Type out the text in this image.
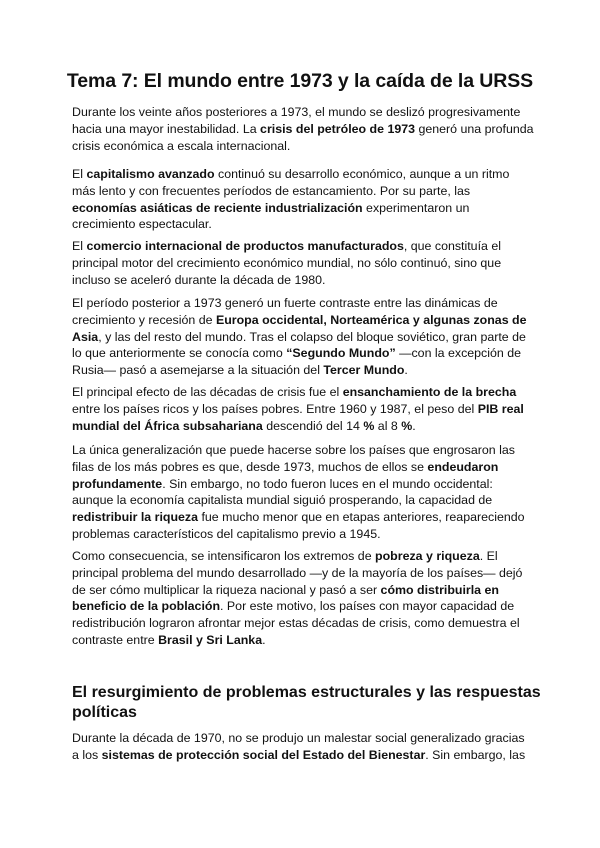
Tema 7: El mundo entre 1973 y la caída de la URSS

Durante los veinte años posteriores a 1973, el mundo se deslizó progresivamente hacia una mayor inestabilidad. La crisis del petróleo de 1973 generó una profunda crisis económica a escala internacional.

El capitalismo avanzado continuó su desarrollo económico, aunque a un ritmo más lento y con frecuentes períodos de estancamiento. Por su parte, las economías asiáticas de reciente industrialización experimentaron un crecimiento espectacular.

El comercio internacional de productos manufacturados, que constituía el principal motor del crecimiento económico mundial, no sólo continuó, sino que incluso se aceleró durante la década de 1980.

El período posterior a 1973 generó un fuerte contraste entre las dinámicas de crecimiento y recesión de Europa occidental, Norteamérica y algunas zonas de Asia, y las del resto del mundo. Tras el colapso del bloque soviético, gran parte de lo que anteriormente se conocía como “Segundo Mundo” —con la excepción de Rusia— pasó a asemejarse a la situación del Tercer Mundo.

El principal efecto de las décadas de crisis fue el ensanchamiento de la brecha entre los países ricos y los países pobres. Entre 1960 y 1987, el peso del PIB real mundial del África subsahariana descendió del 14 % al 8 %.

La única generalización que puede hacerse sobre los países que engrosaron las filas de los más pobres es que, desde 1973, muchos de ellos se endeudaron profundamente. Sin embargo, no todo fueron luces en el mundo occidental: aunque la economía capitalista mundial siguió prosperando, la capacidad de redistribuir la riqueza fue mucho menor que en etapas anteriores, reapareciendo problemas característicos del capitalismo previo a 1945.

Como consecuencia, se intensificaron los extremos de pobreza y riqueza. El principal problema del mundo desarrollado —y de la mayoría de los países— dejó de ser cómo multiplicar la riqueza nacional y pasó a ser cómo distribuirla en beneficio de la población. Por este motivo, los países con mayor capacidad de redistribución lograron afrontar mejor estas décadas de crisis, como demuestra el contraste entre Brasil y Sri Lanka.

El resurgimiento de problemas estructurales y las respuestas políticas

Durante la década de 1970, no se produjo un malestar social generalizado gracias a los sistemas de protección social del Estado del Bienestar. Sin embargo, las
